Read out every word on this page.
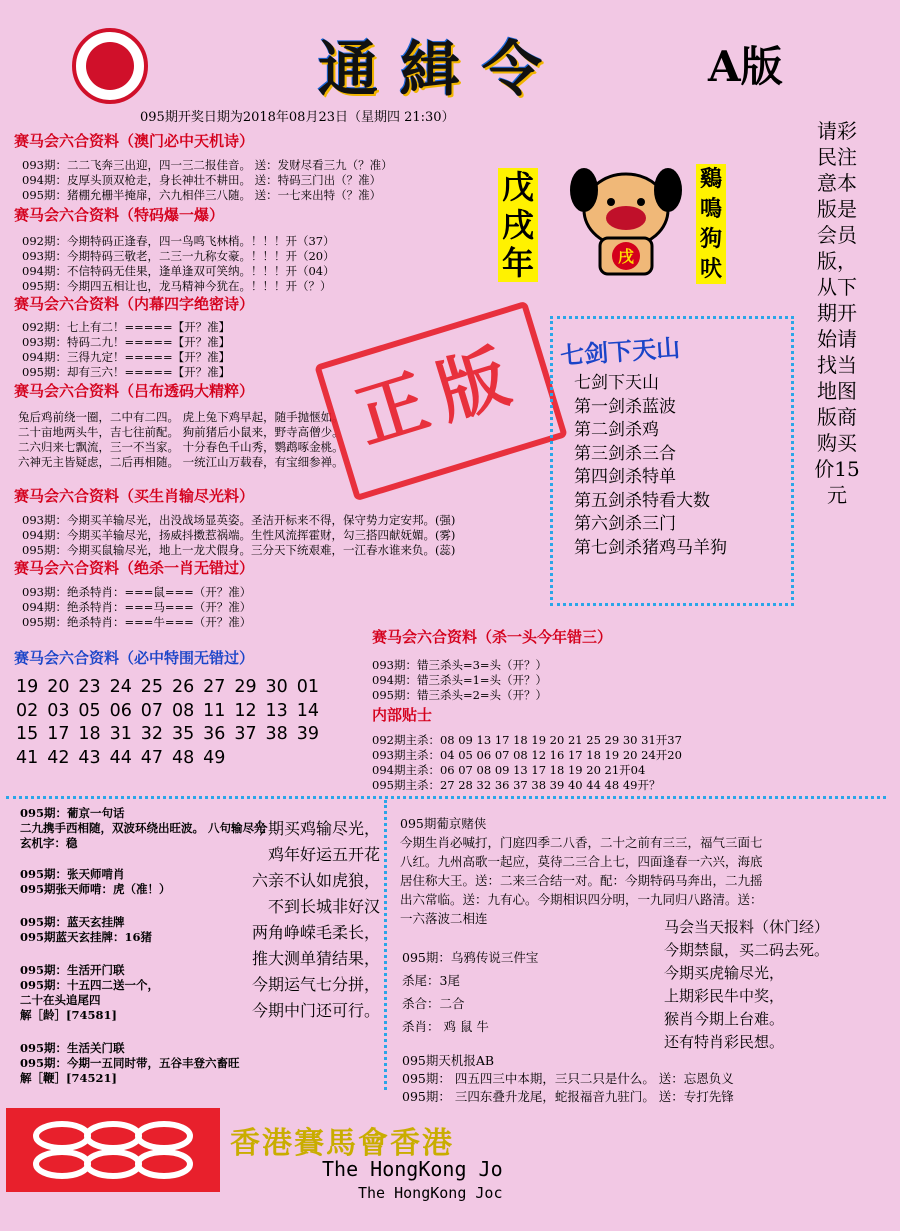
通緝令	A版
095期开奖日期为2018年08月23日（星期四 21:30）
戊戌年	戌
鷄鳴狗吠
请彩民注意本版是会员版，从下期开始请找当地图版商购买价15元
赛马会六合资料（澳门必中天机诗）
093期：二二飞奔三出迎，四一三二报佳音。 送：发财尽看三九（？准）
094期：皮厚头顶双枪走，身长神壮不耕田。 送：特码三门出（？准）
095期：猪棚允栅半掩扉，六九相伴三八随。 送：一七来出特（？准）
赛马会六合资料（特码爆一爆）
092期：今期特码正逢春，四一鸟鸣飞林梢。！！！开（37）
093期：今期特码三敬老，二三一九称女豪。！！！开（20）
094期：不信特码无佳果，逢单逢双可笑纳。！！！开（04）
095期：今期四五相让也，龙马精神今犹在。！！！开（？）
赛马会六合资料（内幕四字绝密诗）
092期：七上有二！=====【开？准】
093期：特码二九！=====【开？准】
094期：三得九定！=====【开？准】
095期：却有三六！=====【开？准】
赛马会六合资料（吕布透码大精粹）
兔后鸡前绕一圈，二中有二四。 虎上兔下鸡早起，随手抛惬如。
二十亩地两头牛，吉七往前配。 狗前猪后小鼠来，野寺高僧少。
二六归来七飘流，三一不当家。 十分春色千山秀，鹦鹉啄金桃。
六神无主皆疑虑，二后再相随。 一统江山万载春，有宝细参禅。
正版
赛马会六合资料（买生肖输尽光料）
093期：今期买羊输尽光，出没战场显英姿。圣洁开标来不得，保守势力定安邦。(强)
094期：今期买羊输尽光，扬威抖擞惹祸端。生性风流挥霍财，勾三搭四献妩媚。(雾)
095期：今期买鼠输尽光，地上一龙犬假身。三分天下统艰难，一江春水谁来负。(蕊)
赛马会六合资料（绝杀一肖无错过）
093期：绝杀特肖：===鼠===（开？准）
094期：绝杀特肖：===马===（开？准）
095期：绝杀特肖：===牛===（开？准）
赛马会六合资料（必中特围无错过）
19 20 23 24 25 26 27 29 30 01
02 03 05 06 07 08 11 12 13 14
15 17 18 31 32 35 36 37 38 39
41 42 43 44 47 48 49
七剑下天山
七剑下天山
第一剑杀蓝波
第二剑杀鸡
第三剑杀三合
第四剑杀特单
第五剑杀特看大数
第六剑杀三门
第七剑杀猪鸡马羊狗
赛马会六合资料（杀一头今年错三）
093期：错三杀头=3=头（开？）
094期：错三杀头=1=头（开？）
095期：错三杀头=2=头（开？）
内部贴士
092期主杀：08 09 13 17 18 19 20 21 25 29 30 31开37
093期主杀：04 05 06 07 08 12 16 17 18 19 20 24开20
094期主杀：06 07 08 09 13 17 18 19 20 21开04
095期主杀：27 28 32 36 37 38 39 40 44 48 49开？
095期：葡京一句话
二九携手西相随，双波环绕出旺波。 八句输尽光
玄机字：稳
095期：张天师啃肖
095期张天师啃：虎（准！）
095期：蓝天玄挂牌
095期蓝天玄挂牌：16猪
095期：生活开门联
095期：十五四二送一个，
二十在头追尾四
解［龄］[74581]
095期：生活关门联
095期：今期一五同时带，五谷丰登六畜旺
解［鞭］[74521]
今期买鸡输尽光，
鸡年好运五开花
六亲不认如虎狼，
不到长城非好汉
两角峥嵘毛柔长，
推大测单猜结果，
今期运气七分拼，
今期中门还可行。
095期葡京赌侠
今期生肖必喊打，门庭四季二八香，二十之前有三三，福气三面七
八红。九州高歌一起应，莫待二三合上七，四面逢春一六兴，海底
居住称大王。送：二来三合结一对。配：今期特码马奔出，二九摇
出六常临。送：九有心。今期相识四分明，一九同归八路清。送：
一六落波二相连
095期：乌鸦传说三件宝
杀尾：3尾
杀合：二合
杀肖： 鸡 鼠 牛
马会当天报料（休门经）
今期禁鼠，买二码去死。
今期买虎输尽光，
上期彩民牛中奖，
猴肖今期上台难。
还有特肖彩民想。
095期天机报AB
095期： 四五四三中本期，三只二只是什么。 送：忘恩负义
095期： 三四东叠升龙尾，蛇报福音九驻门。 送：专打先锋
香港賽馬會香港
The HongKong Jo
The HongKong Joc
